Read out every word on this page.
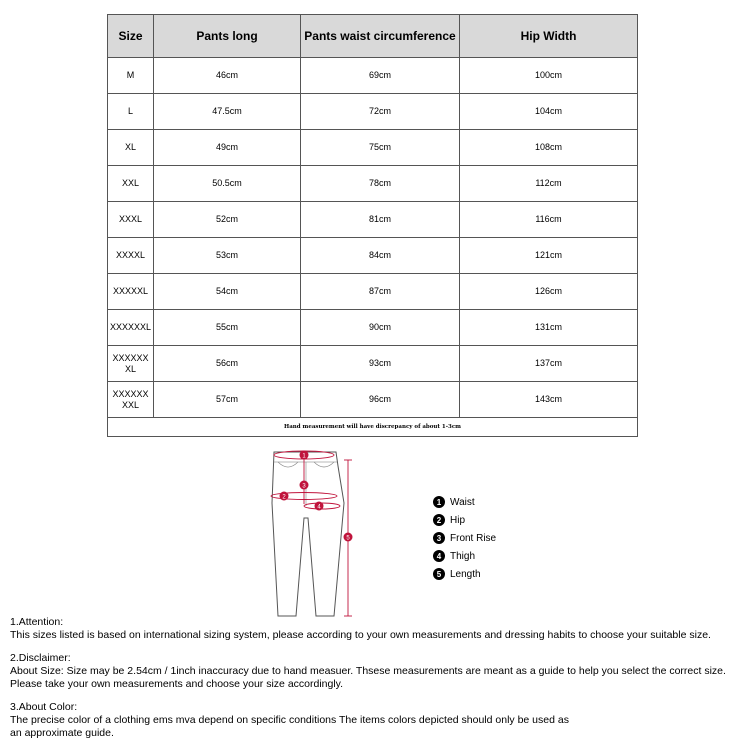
Size	Pants long	Pants waist circumference	Hip Width
M	46cm	69cm	100cm
L	47.5cm	72cm	104cm
XL	49cm	75cm	108cm
XXL	50.5cm	78cm	112cm
XXXL	52cm	81cm	116cm
XXXXL	53cm	84cm	121cm
XXXXXL	54cm	87cm	126cm
XXXXXXL	55cm	90cm	131cm
XXXXXX XL	56cm	93cm	137cm
XXXXXX XXL	57cm	96cm	143cm
Hand measurement will have discrepancy of about 1-3cm			
1
2
3
4
5
1 Waist
2 Hip
3 Front Rise
4 Thigh
5 Length

1.Attention:

This sizes listed is based on international sizing system, please according to your own measurements and dressing habits to choose your suitable size.

2.Disclaimer:

About Size: Size may be 2.54cm / 1inch inaccuracy due to hand measuer. Thsese measurements are meant as a guide to help you select the correct size.

Please take your own measurements and choose your size accordingly.

3.About Color:

The precise color of a clothing ems mva depend on specific conditions The items colors depicted should only be used as

an approximate guide.
